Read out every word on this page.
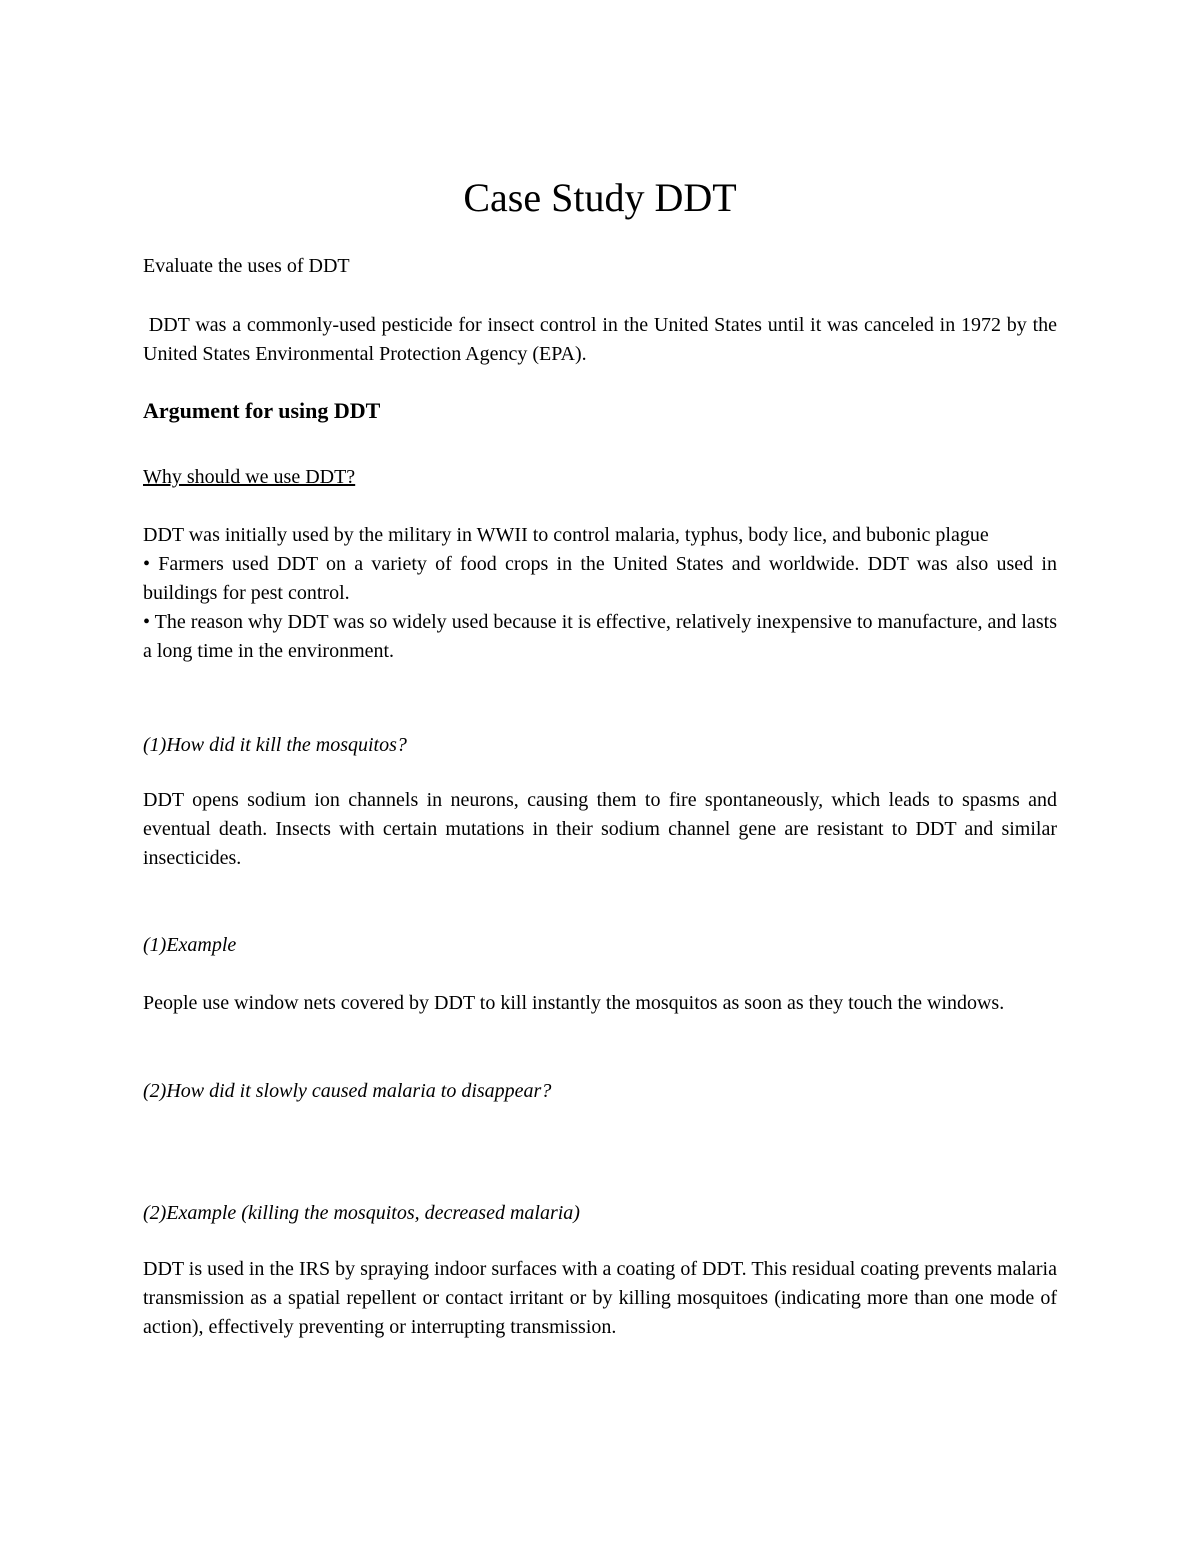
Case Study DDT

Evaluate the uses of DDT

DDT was a commonly-used pesticide for insect control in the United States until it was canceled in 1972 by the United States Environmental Protection Agency (EPA).

Argument for using DDT

Why should we use DDT?

DDT was initially used by the military in WWII to control malaria, typhus, body lice, and bubonic plague

• Farmers used DDT on a variety of food crops in the United States and worldwide. DDT was also used in buildings for pest control.

• The reason why DDT was so widely used because it is effective, relatively inexpensive to manufacture, and lasts a long time in the environment.

(1)How did it kill the mosquitos?

DDT opens sodium ion channels in neurons, causing them to fire spontaneously, which leads to spasms and eventual death. Insects with certain mutations in their sodium channel gene are resistant to DDT and similar insecticides.

(1)Example

People use window nets covered by DDT to kill instantly the mosquitos as soon as they touch the windows.

(2)How did it slowly caused malaria to disappear?

(2)Example (killing the mosquitos, decreased malaria)

DDT is used in the IRS by spraying indoor surfaces with a coating of DDT. This residual coating prevents malaria transmission as a spatial repellent or contact irritant or by killing mosquitoes (indicating more than one mode of action), effectively preventing or interrupting transmission.
